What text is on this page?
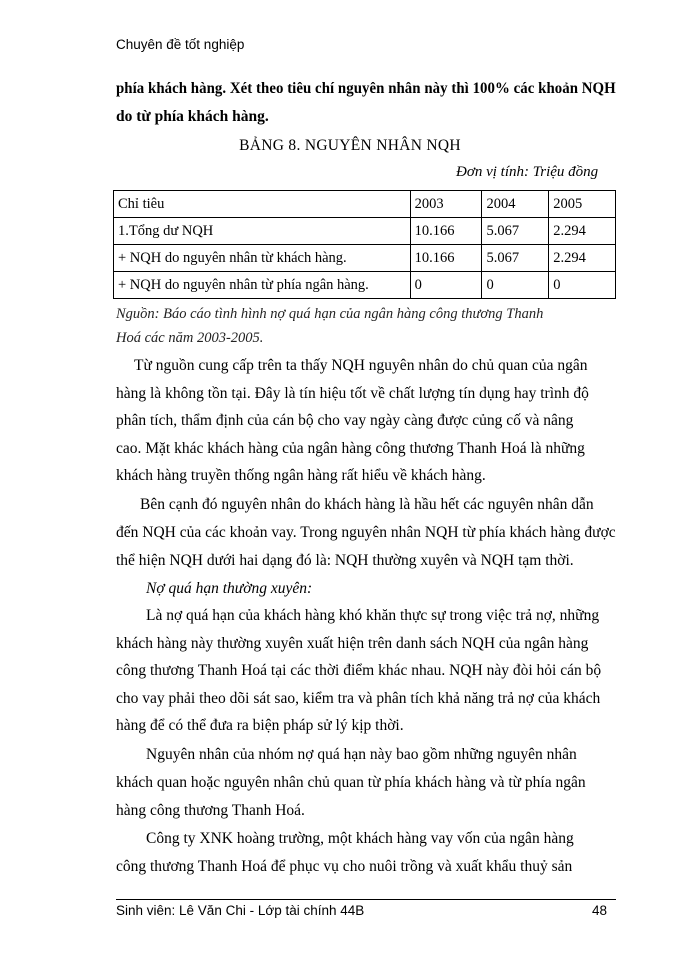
Chuyên đề tốt nghiệp
phía khách hàng. Xét theo tiêu chí nguyên nhân này thì 100% các khoản NQH
do từ phía khách hàng.
BẢNG 8. NGUYÊN NHÂN NQH
Đơn vị tính: Triệu đồng
Chỉ tiêu	2003	2004	2005
1.Tổng dư NQH	10.166	5.067	2.294
+ NQH do nguyên nhân từ khách hàng.	10.166	5.067	2.294
+ NQH do nguyên nhân từ phía ngân hàng.	0	0	0
Nguồn: Báo cáo tình hình nợ quá hạn của ngân hàng công thương Thanh
Hoá các năm 2003-2005.
Từ nguồn cung cấp trên ta thấy NQH nguyên nhân do chủ quan của ngân
hàng là không tồn tại. Đây là tín hiệu tốt về chất lượng tín dụng hay trình độ
phân tích, thẩm định của cán bộ cho vay ngày càng được củng cố và nâng
cao. Mặt khác khách hàng của ngân hàng công thương Thanh Hoá là những
khách hàng truyền thống ngân hàng rất hiểu về khách hàng.
Bên cạnh đó nguyên nhân do khách hàng là hầu hết các nguyên nhân dẫn
đến NQH của các khoản vay. Trong nguyên nhân NQH từ phía khách hàng được
thể hiện NQH dưới hai dạng đó là: NQH thường xuyên và NQH tạm thời.
Nợ quá hạn thường xuyên:
Là nợ quá hạn của khách hàng khó khăn thực sự trong việc trả nợ, những
khách hàng này thường xuyên xuất hiện trên danh sách NQH của ngân hàng
công thương Thanh Hoá tại các thời điểm khác nhau. NQH này đòi hỏi cán bộ
cho vay phải theo dõi sát sao, kiểm tra và phân tích khả năng trả nợ của khách
hàng để có thể đưa ra biện pháp sử lý kịp thời.
Nguyên nhân của nhóm nợ quá hạn này bao gồm những nguyên nhân
khách quan hoặc nguyên nhân chủ quan từ phía khách hàng và từ phía ngân
hàng công thương Thanh Hoá.
Công ty XNK hoàng trường, một khách hàng vay vốn của ngân hàng
công thương Thanh Hoá để phục vụ cho nuôi trồng và xuất khẩu thuỷ sản
Sinh viên: Lê Văn Chi - Lớp tài chính 44B	48
